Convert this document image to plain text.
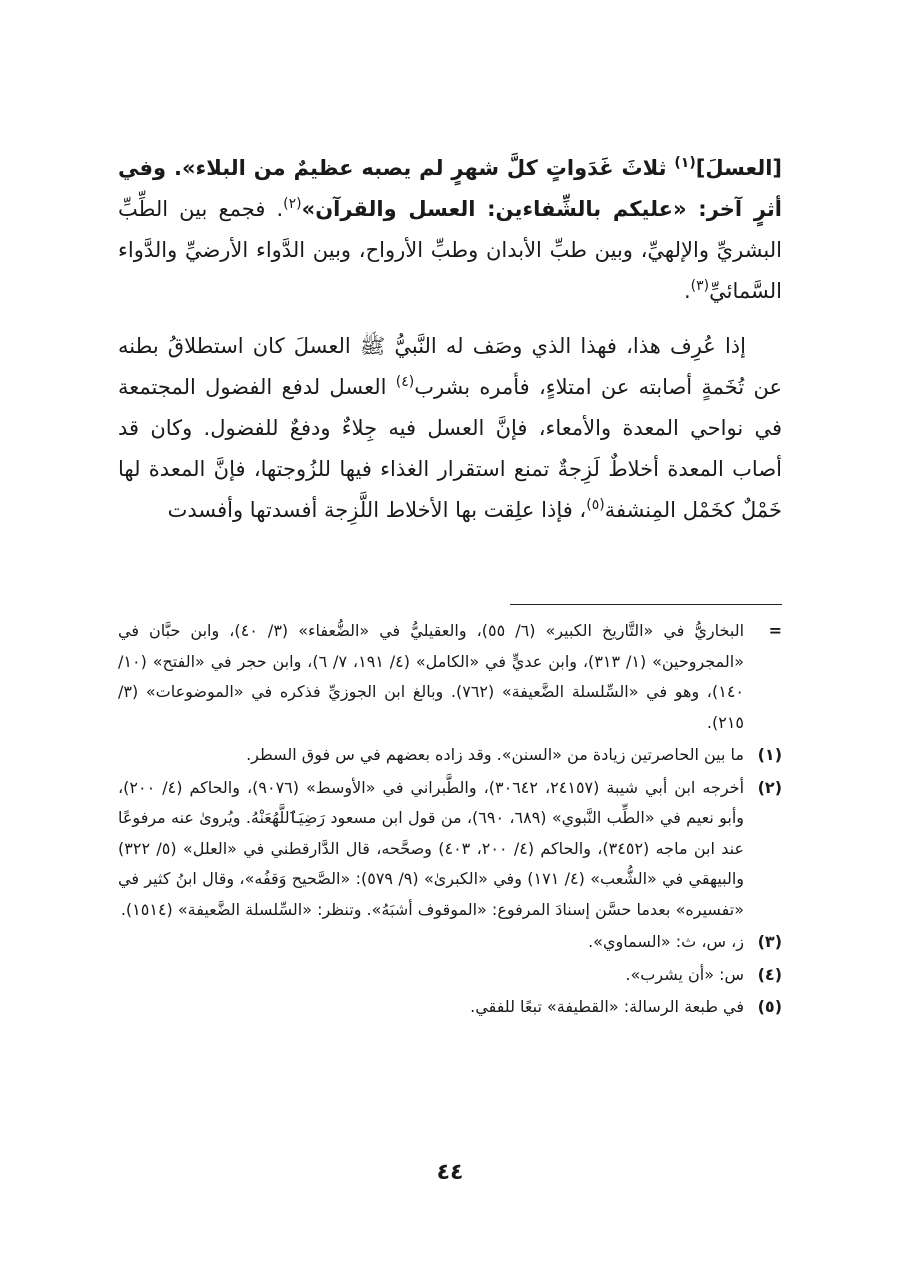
[العسلَ]$^{(١)}$ ثلاثَ غَدَواتٍ كلَّ شهرٍ لم يصبه عظيمٌ من البلاء». وفي أثرٍ آخر: «عليكم بالشِّفاءين: العسل والقرآن»$^{(٢)}$. فجمع بين الطِّبِّ البشريِّ والإلهيِّ، وبين طبِّ الأبدان وطبِّ الأرواح، وبين الدَّواء الأرضيِّ والدَّواء السَّمائيِّ$^{(٣)}$.

إذا عُرِف هذا، فهذا الذي وصَف له النَّبيُّ ﷺ العسلَ كان استطلاقُ بطنه عن تُخَمةٍ أصابته عن امتلاءٍ، فأمره بشرب$^{(٤)}$ العسل لدفع الفضول المجتمعة في نواحي المعدة والأمعاء، فإنَّ العسل فيه جِلاءٌ ودفعٌ للفضول. وكان قد أصاب المعدة أخلاطٌ لَزِجةٌ تمنع استقرار الغذاء فيها للزُوجتها، فإنَّ المعدة لها خَمْلٌ كخَمْل المِنشفة$^{(٥)}$، فإذا علِقت بها الأخلاط اللَّزِجة أفسدتها وأفسدت

=
البخاريُّ في «التَّاريخ الكبير» (٦/ ٥٥)، والعقيليُّ في «الضُّعفاء» (٣/ ٤٠)، وابن حبَّان في «المجروحين» (١/ ٣١٣)، وابن عديٍّ في «الكامل» (٤/ ١٩١، ٧/ ٦)، وابن حجر في «الفتح» (١٠/ ١٤٠)، وهو في «السِّلسلة الضَّعيفة» (٧٦٢). وبالغ ابن الجوزيِّ فذكره في «الموضوعات» (٣/ ٢١٥).
(١)
ما بين الحاصرتين زيادة من «السنن». وقد زاده بعضهم في س فوق السطر.
(٢)
أخرجه ابن أبي شيبة (٢٤١٥٧، ٣٠٦٤٢)، والطَّبراني في «الأوسط» (٩٠٧٦)، والحاكم (٤/ ٢٠٠)، وأبو نعيم في «الطِّب النَّبوي» (٦٨٩، ٦٩٠)، من قول ابن مسعود رَضِيَٱللَّهُعَنْهُ. ويُروىٰ عنه مرفوعًا عند ابن ماجه (٣٤٥٢)، والحاكم (٤/ ٢٠٠، ٤٠٣) وصحَّحه، قال الدَّارقطني في «العلل» (٥/ ٣٢٢) والبيهقي في «الشُّعب» (٤/ ١٧١) وفي «الكبرىٰ» (٩/ ٥٧٩): «الصَّحيح وَقفُه»، وقال ابنُ كثير في «تفسيره» بعدما حسَّن إسنادَ المرفوع: «الموقوف أشبَهُ». وتنظر: «السِّلسلة الضَّعيفة» (١٥١٤).
(٣)
ز، س، ث: «السماوي».
(٤)
س: «أن يشرب».
(٥)
في طبعة الرسالة: «القطيفة» تبعًا للفقي.
٤٤
